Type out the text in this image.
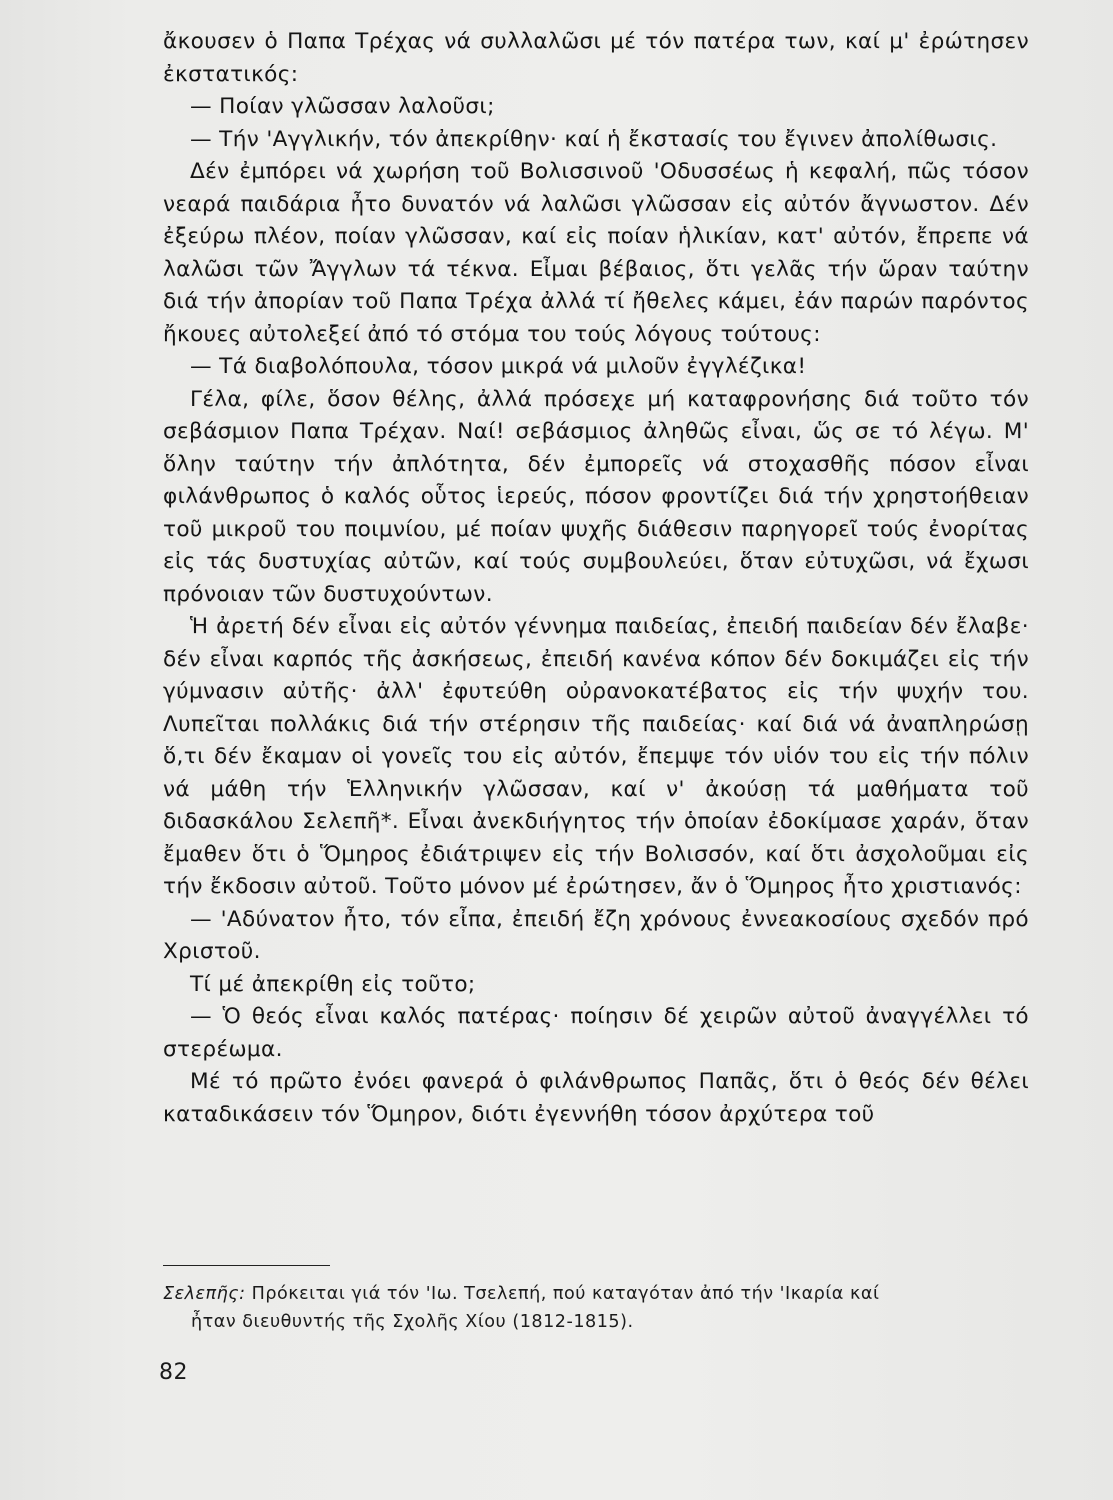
ἄκουσεν ὁ Παπα Τρέχας νά συλλαλῶσι μέ τόν πατέρα των, καί μ' ἐρώτησεν ἐκστατικός:

— Ποίαν γλῶσσαν λαλοῦσι;

— Τήν 'Αγγλικήν, τόν ἀπεκρίθην· καί ἡ ἔκστασίς του ἔγινεν ἀπολίθωσις.

Δέν ἐμπόρει νά χωρήση τοῦ Βολισσινοῦ 'Οδυσσέως ἡ κεφαλή, πῶς τόσον νεαρά παιδάρια ἦτο δυνατόν νά λαλῶσι γλῶσσαν εἰς αὐτόν ἄγνωστον. Δέν ἐξεύρω πλέον, ποίαν γλῶσσαν, καί εἰς ποίαν ἡλικίαν, κατ' αὐτόν, ἔπρεπε νά λαλῶσι τῶν Ἄγγλων τά τέκνα. Εἶμαι βέβαιος, ὅτι γελᾶς τήν ὥραν ταύτην διά τήν ἀπορίαν τοῦ Παπα Τρέχα ἀλλά τί ἤθελες κάμει, ἐάν παρών παρόντος ἤκουες αὐτολεξεί ἀπό τό στόμα του τούς λόγους τούτους:

— Τά διαβολόπουλα, τόσον μικρά νά μιλοῦν ἐγγλέζικα!

Γέλα, φίλε, ὅσον θέλης, ἀλλά πρόσεχε μή καταφρονήσης διά τοῦτο τόν σεβάσμιον Παπα Τρέχαν. Ναί! σεβάσμιος ἀληθῶς εἶναι, ὥς σε τό λέγω. Μ' ὅλην ταύτην τήν ἀπλότητα, δέν ἐμπορεῖς νά στοχασθῆς πόσον εἶναι φιλάνθρωπος ὁ καλός οὗτος ἱερεύς, πόσον φροντίζει διά τήν χρηστοήθειαν τοῦ μικροῦ του ποιμνίου, μέ ποίαν ψυχῆς διάθεσιν παρηγορεῖ τούς ἐνορίτας εἰς τάς δυστυχίας αὐτῶν, καί τούς συμβουλεύει, ὅταν εὐτυχῶσι, νά ἔχωσι πρόνοιαν τῶν δυστυχούντων.

Ἡ ἀρετή δέν εἶναι εἰς αὐτόν γέννημα παιδείας, ἐπειδή παιδείαν δέν ἔλαβε· δέν εἶναι καρπός τῆς ἀσκήσεως, ἐπειδή κανένα κόπον δέν δοκιμάζει εἰς τήν γύμνασιν αὐτῆς· ἀλλ' ἐφυτεύθη οὐρανοκατέβατος εἰς τήν ψυχήν του. Λυπεῖται πολλάκις διά τήν στέρησιν τῆς παιδείας· καί διά νά ἀναπληρώσῃ ὅ,τι δέν ἔκαμαν οἱ γονεῖς του εἰς αὐτόν, ἔπεμψε τόν υἱόν του εἰς τήν πόλιν νά μάθη τήν Ἑλληνικήν γλῶσσαν, καί ν' ἀκούσῃ τά μαθήματα τοῦ διδασκάλου Σελεπῆ*. Εἶναι ἀνεκδιήγητος τήν ὁποίαν ἐδοκίμασε χαράν, ὅταν ἔμαθεν ὅτι ὁ Ὅμηρος ἐδιάτριψεν εἰς τήν Βολισσόν, καί ὅτι ἀσχολοῦμαι εἰς τήν ἔκδοσιν αὐτοῦ. Τοῦτο μόνον μέ ἐρώτησεν, ἄν ὁ Ὅμηρος ἦτο χριστιανός:

— 'Αδύνατον ἦτο, τόν εἶπα, ἐπειδή ἔζη χρόνους ἐννεακοσίους σχεδόν πρό Χριστοῦ.

Τί μέ ἀπεκρίθη εἰς τοῦτο;

— Ὁ θεός εἶναι καλός πατέρας· ποίησιν δέ χειρῶν αὐτοῦ ἀναγγέλλει τό στερέωμα.

Μέ τό πρῶτο ἐνόει φανερά ὁ φιλάνθρωπος Παπᾶς, ὅτι ὁ θεός δέν θέλει καταδικάσειν τόν Ὅμηρον, διότι ἐγεννήθη τόσον ἀρχύτερα τοῦ

Σελεπῆς: Πρόκειται γιά τόν 'Ιω. Τσελεπή, πού καταγόταν ἀπό τήν 'Ικαρία καί
ἦταν διευθυντής τῆς Σχολῆς Χίου (1812-1815).
82
